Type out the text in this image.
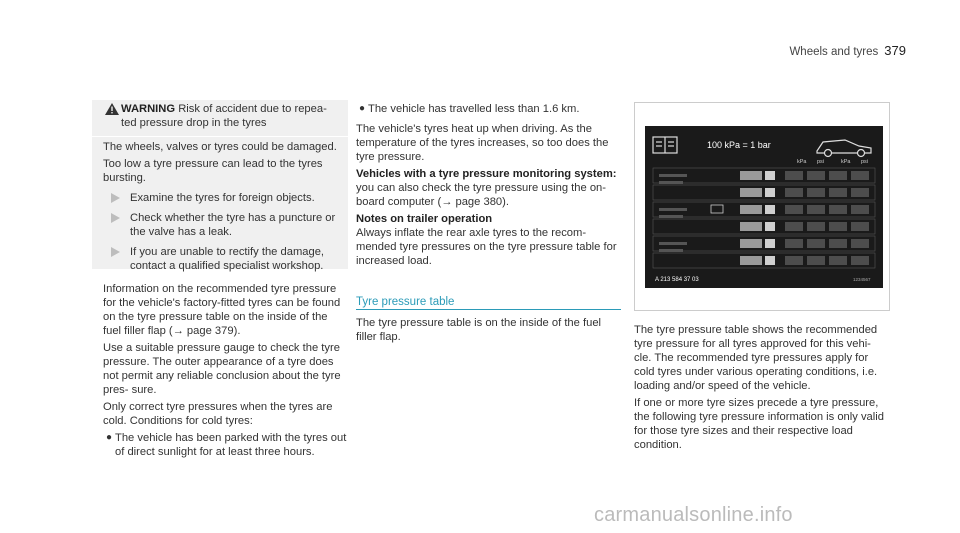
Wheels and tyres 379
WARNING Risk of accident due to repea- ted pressure drop in the tyres

The wheels, valves or tyres could be damaged.

Too low a tyre pressure can lead to the tyres bursting.

Examine the tyres for foreign objects.
Check whether the tyre has a puncture or the valve has a leak.
If you are unable to rectify the damage, contact a qualified specialist workshop.

Information on the recommended tyre pressure for the vehicle's factory-fitted tyres can be found on the tyre pressure table on the inside of the fuel filler flap (→ page 379).

Use a suitable pressure gauge to check the tyre pressure. The outer appearance of a tyre does not permit any reliable conclusion about the tyre pres- sure.

Only correct tyre pressures when the tyres are cold. Conditions for cold tyres:

● The vehicle has been parked with the tyres out of direct sunlight for at least three hours.
● The vehicle has travelled less than 1.6 km.

The vehicle's tyres heat up when driving. As the temperature of the tyres increases, so too does the tyre pressure.

Vehicles with a tyre pressure monitoring system:

you can also check the tyre pressure using the on-board computer (→ page 380).

Notes on trailer operation

Always inflate the rear axle tyres to the recom- mended tyre pressures on the tyre pressure table for increased load.

Tyre pressure table

The tyre pressure table is on the inside of the fuel filler flap.

100 kPa = 1 bar
kPa psi	kPa psi
A 213 584 37 03	1234567

The tyre pressure table shows the recommended tyre pressure for all tyres approved for this vehi- cle. The recommended tyre pressures apply for cold tyres under various operating conditions, i.e. loading and/or speed of the vehicle.

If one or more tyre sizes precede a tyre pressure, the following tyre pressure information is only valid for those tyre sizes and their respective load condition.

carmanualsonline.info
